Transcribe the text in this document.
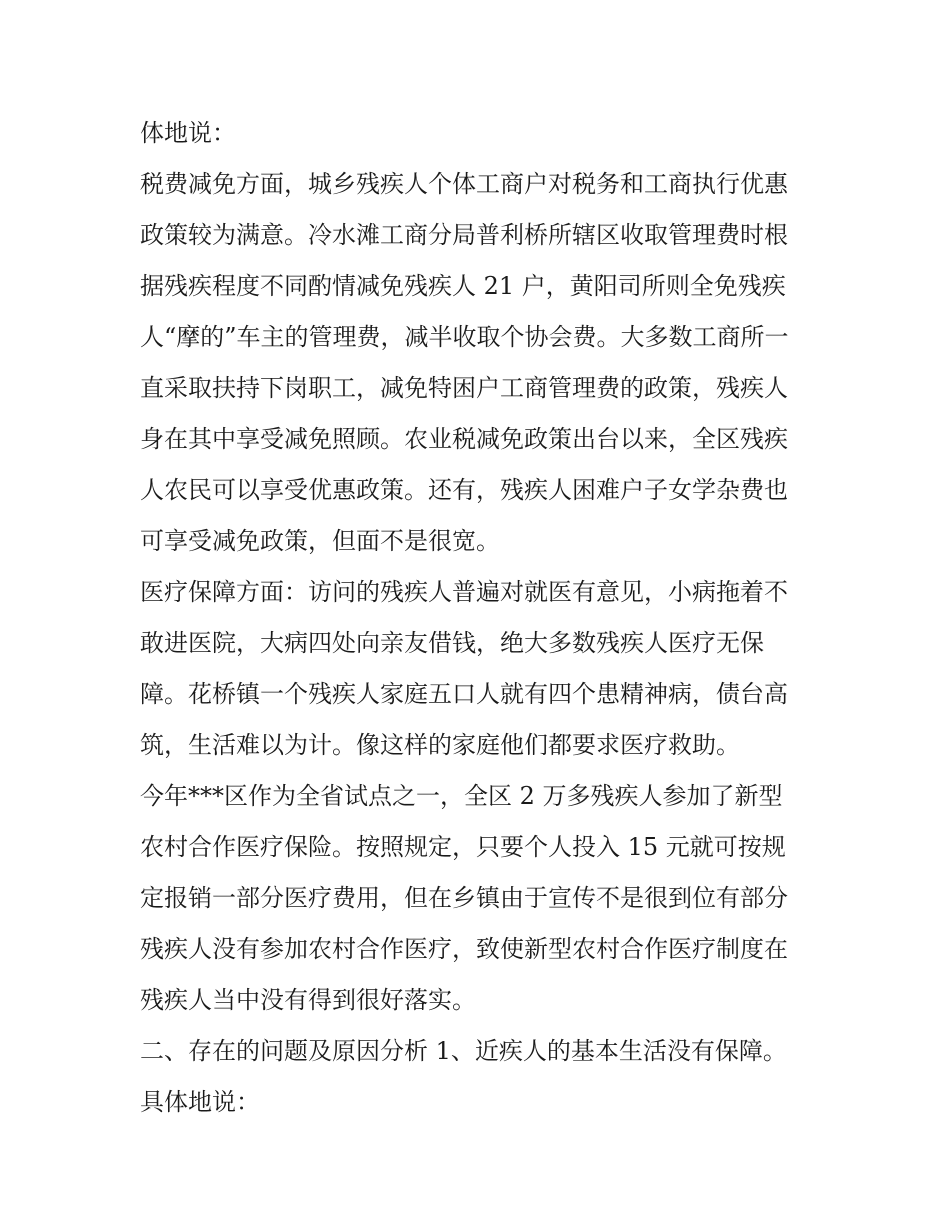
体地说：
税费减免方面，城乡残疾人个体工商户对税务和工商执行优惠
政策较为满意。冷水滩工商分局普利桥所辖区收取管理费时根
据残疾程度不同酌情减免残疾人 21 户，黄阳司所则全免残疾
人“摩的”车主的管理费，减半收取个协会费。大多数工商所一
直采取扶持下岗职工，减免特困户工商管理费的政策，残疾人
身在其中享受减免照顾。农业税减免政策出台以来，全区残疾
人农民可以享受优惠政策。还有，残疾人困难户子女学杂费也
可享受减免政策，但面不是很宽。
医疗保障方面：访问的残疾人普遍对就医有意见，小病拖着不
敢进医院，大病四处向亲友借钱，绝大多数残疾人医疗无保
障。花桥镇一个残疾人家庭五口人就有四个患精神病，债台高
筑，生活难以为计。像这样的家庭他们都要求医疗救助。
今年***区作为全省试点之一，全区 2 万多残疾人参加了新型
农村合作医疗保险。按照规定，只要个人投入 15 元就可按规
定报销一部分医疗费用，但在乡镇由于宣传不是很到位有部分
残疾人没有参加农村合作医疗，致使新型农村合作医疗制度在
残疾人当中没有得到很好落实。
二、存在的问题及原因分析 1、近疾人的基本生活没有保障。
具体地说：
